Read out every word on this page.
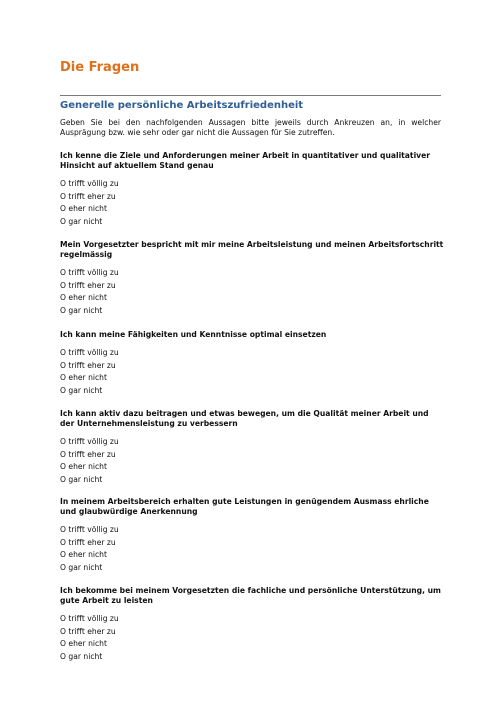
Die Fragen
Generelle persönliche Arbeitszufriedenheit

Geben Sie bei den nachfolgenden Aussagen bitte jeweils durch Ankreuzen an, in welcher Ausprägung bzw. wie sehr oder gar nicht die Aussagen für Sie zutreffen.

Ich kenne die Ziele und Anforderungen meiner Arbeit in quantitativer und qualitativer Hinsicht auf aktuellem Stand genau

O trifft völlig zu
O trifft eher zu
O eher nicht
O gar nicht

Mein Vorgesetzter bespricht mit mir meine Arbeitsleistung und meinen Arbeitsfortschritt regelmässig

O trifft völlig zu
O trifft eher zu
O eher nicht
O gar nicht

Ich kann meine Fähigkeiten und Kenntnisse optimal einsetzen

O trifft völlig zu
O trifft eher zu
O eher nicht
O gar nicht

Ich kann aktiv dazu beitragen und etwas bewegen, um die Qualität meiner Arbeit und der Unternehmensleistung zu verbessern

O trifft völlig zu
O trifft eher zu
O eher nicht
O gar nicht

In meinem Arbeitsbereich erhalten gute Leistungen in genügendem Ausmass ehrliche und glaubwürdige Anerkennung

O trifft völlig zu
O trifft eher zu
O eher nicht
O gar nicht

Ich bekomme bei meinem Vorgesetzten die fachliche und persönliche Unterstützung, um gute Arbeit zu leisten

O trifft völlig zu
O trifft eher zu
O eher nicht
O gar nicht
